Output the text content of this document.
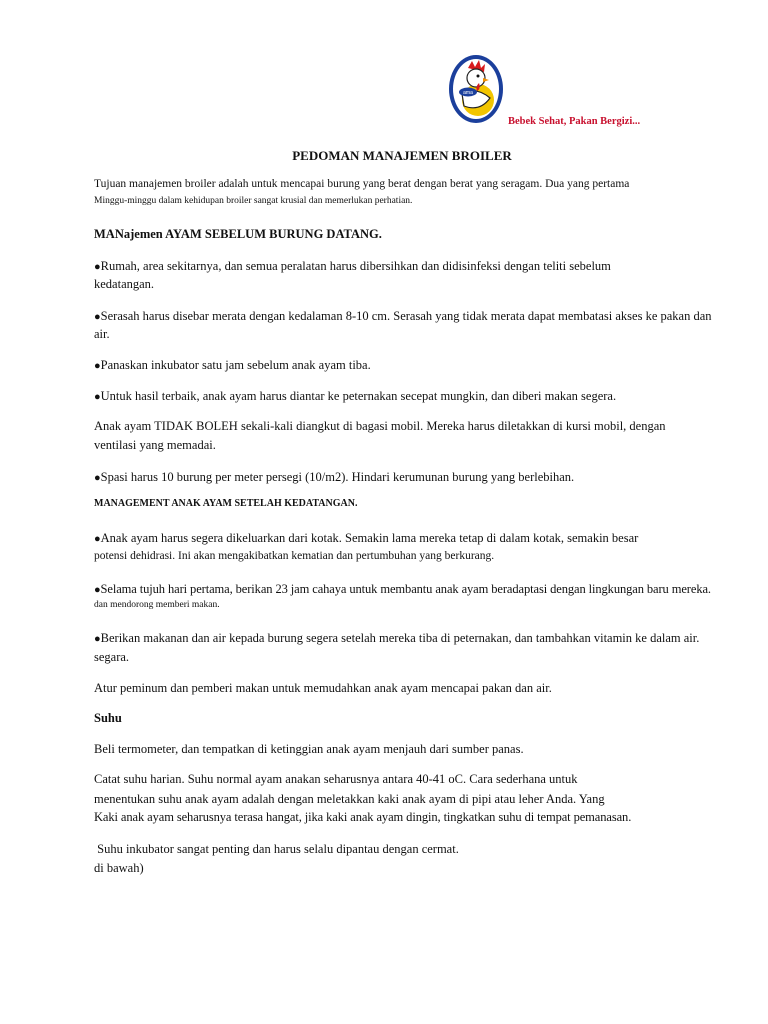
ama
Bebek Sehat, Pakan Bergizi...
PEDOMAN MANAJEMEN BROILER
Tujuan manajemen broiler adalah untuk mencapai burung yang berat dengan berat yang seragam. Dua yang pertama
Minggu-minggu dalam kehidupan broiler sangat krusial dan memerlukan perhatian.
MANajemen AYAM SEBELUM BURUNG DATANG.
● Rumah, area sekitarnya, dan semua peralatan harus dibersihkan dan didisinfeksi dengan teliti sebelum
kedatangan.
● Serasah harus disebar merata dengan kedalaman 8-10 cm. Serasah yang tidak merata dapat membatasi akses ke pakan dan
air.
● Panaskan inkubator satu jam sebelum anak ayam tiba.
● Untuk hasil terbaik, anak ayam harus diantar ke peternakan secepat mungkin, dan diberi makan segera.
Anak ayam TIDAK BOLEH sekali-kali diangkut di bagasi mobil. Mereka harus diletakkan di kursi mobil, dengan
ventilasi yang memadai.
● Spasi harus 10 burung per meter persegi (10/m2). Hindari kerumunan burung yang berlebihan.
MANAGEMENT ANAK AYAM SETELAH KEDATANGAN.
● Anak ayam harus segera dikeluarkan dari kotak. Semakin lama mereka tetap di dalam kotak, semakin besar
potensi dehidrasi. Ini akan mengakibatkan kematian dan pertumbuhan yang berkurang.
● Selama tujuh hari pertama, berikan 23 jam cahaya untuk membantu anak ayam beradaptasi dengan lingkungan baru mereka.
dan mendorong memberi makan.
● Berikan makanan dan air kepada burung segera setelah mereka tiba di peternakan, dan tambahkan vitamin ke dalam air.
segara.
Atur peminum dan pemberi makan untuk memudahkan anak ayam mencapai pakan dan air.
Suhu
Beli termometer, dan tempatkan di ketinggian anak ayam menjauh dari sumber panas.
Catat suhu harian. Suhu normal ayam anakan seharusnya antara 40-41 oC. Cara sederhana untuk
menentukan suhu anak ayam adalah dengan meletakkan kaki anak ayam di pipi atau leher Anda. Yang
Kaki anak ayam seharusnya terasa hangat, jika kaki anak ayam dingin, tingkatkan suhu di tempat pemanasan.
Suhu inkubator sangat penting dan harus selalu dipantau dengan cermat.
di bawah)
